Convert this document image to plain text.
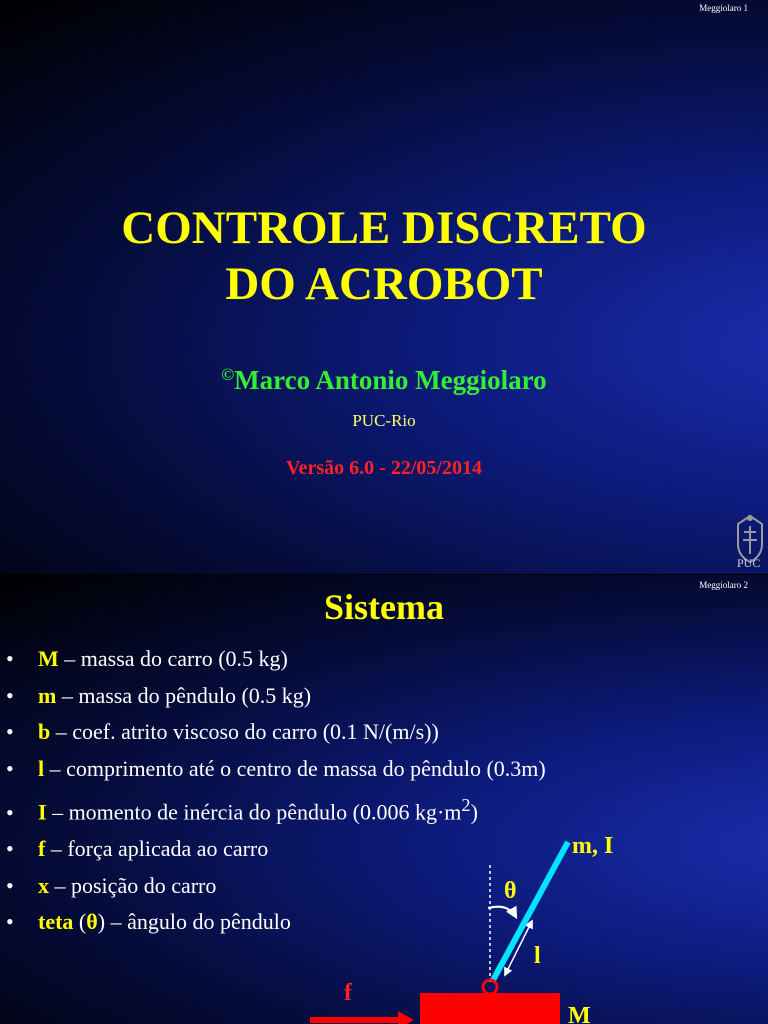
Meggiolaro 1
CONTROLE DISCRETO
DO ACROBOT
©Marco Antonio Meggiolaro
PUC-Rio
Versão 6.0 - 22/05/2014
PUC
Meggiolaro 2
Sistema
• M – massa do carro (0.5 kg)
• m – massa do pêndulo (0.5 kg)
• b – coef. atrito viscoso do carro (0.1 N/(m/s))
• l – comprimento até o centro de massa do pêndulo (0.3m)
• I – momento de inércia do pêndulo (0.006 $kg\cdot m^2$)
• f – força aplicada ao carro
• x – posição do carro
• teta (θ) – ângulo do pêndulo
m, I
θ
l
f
M
